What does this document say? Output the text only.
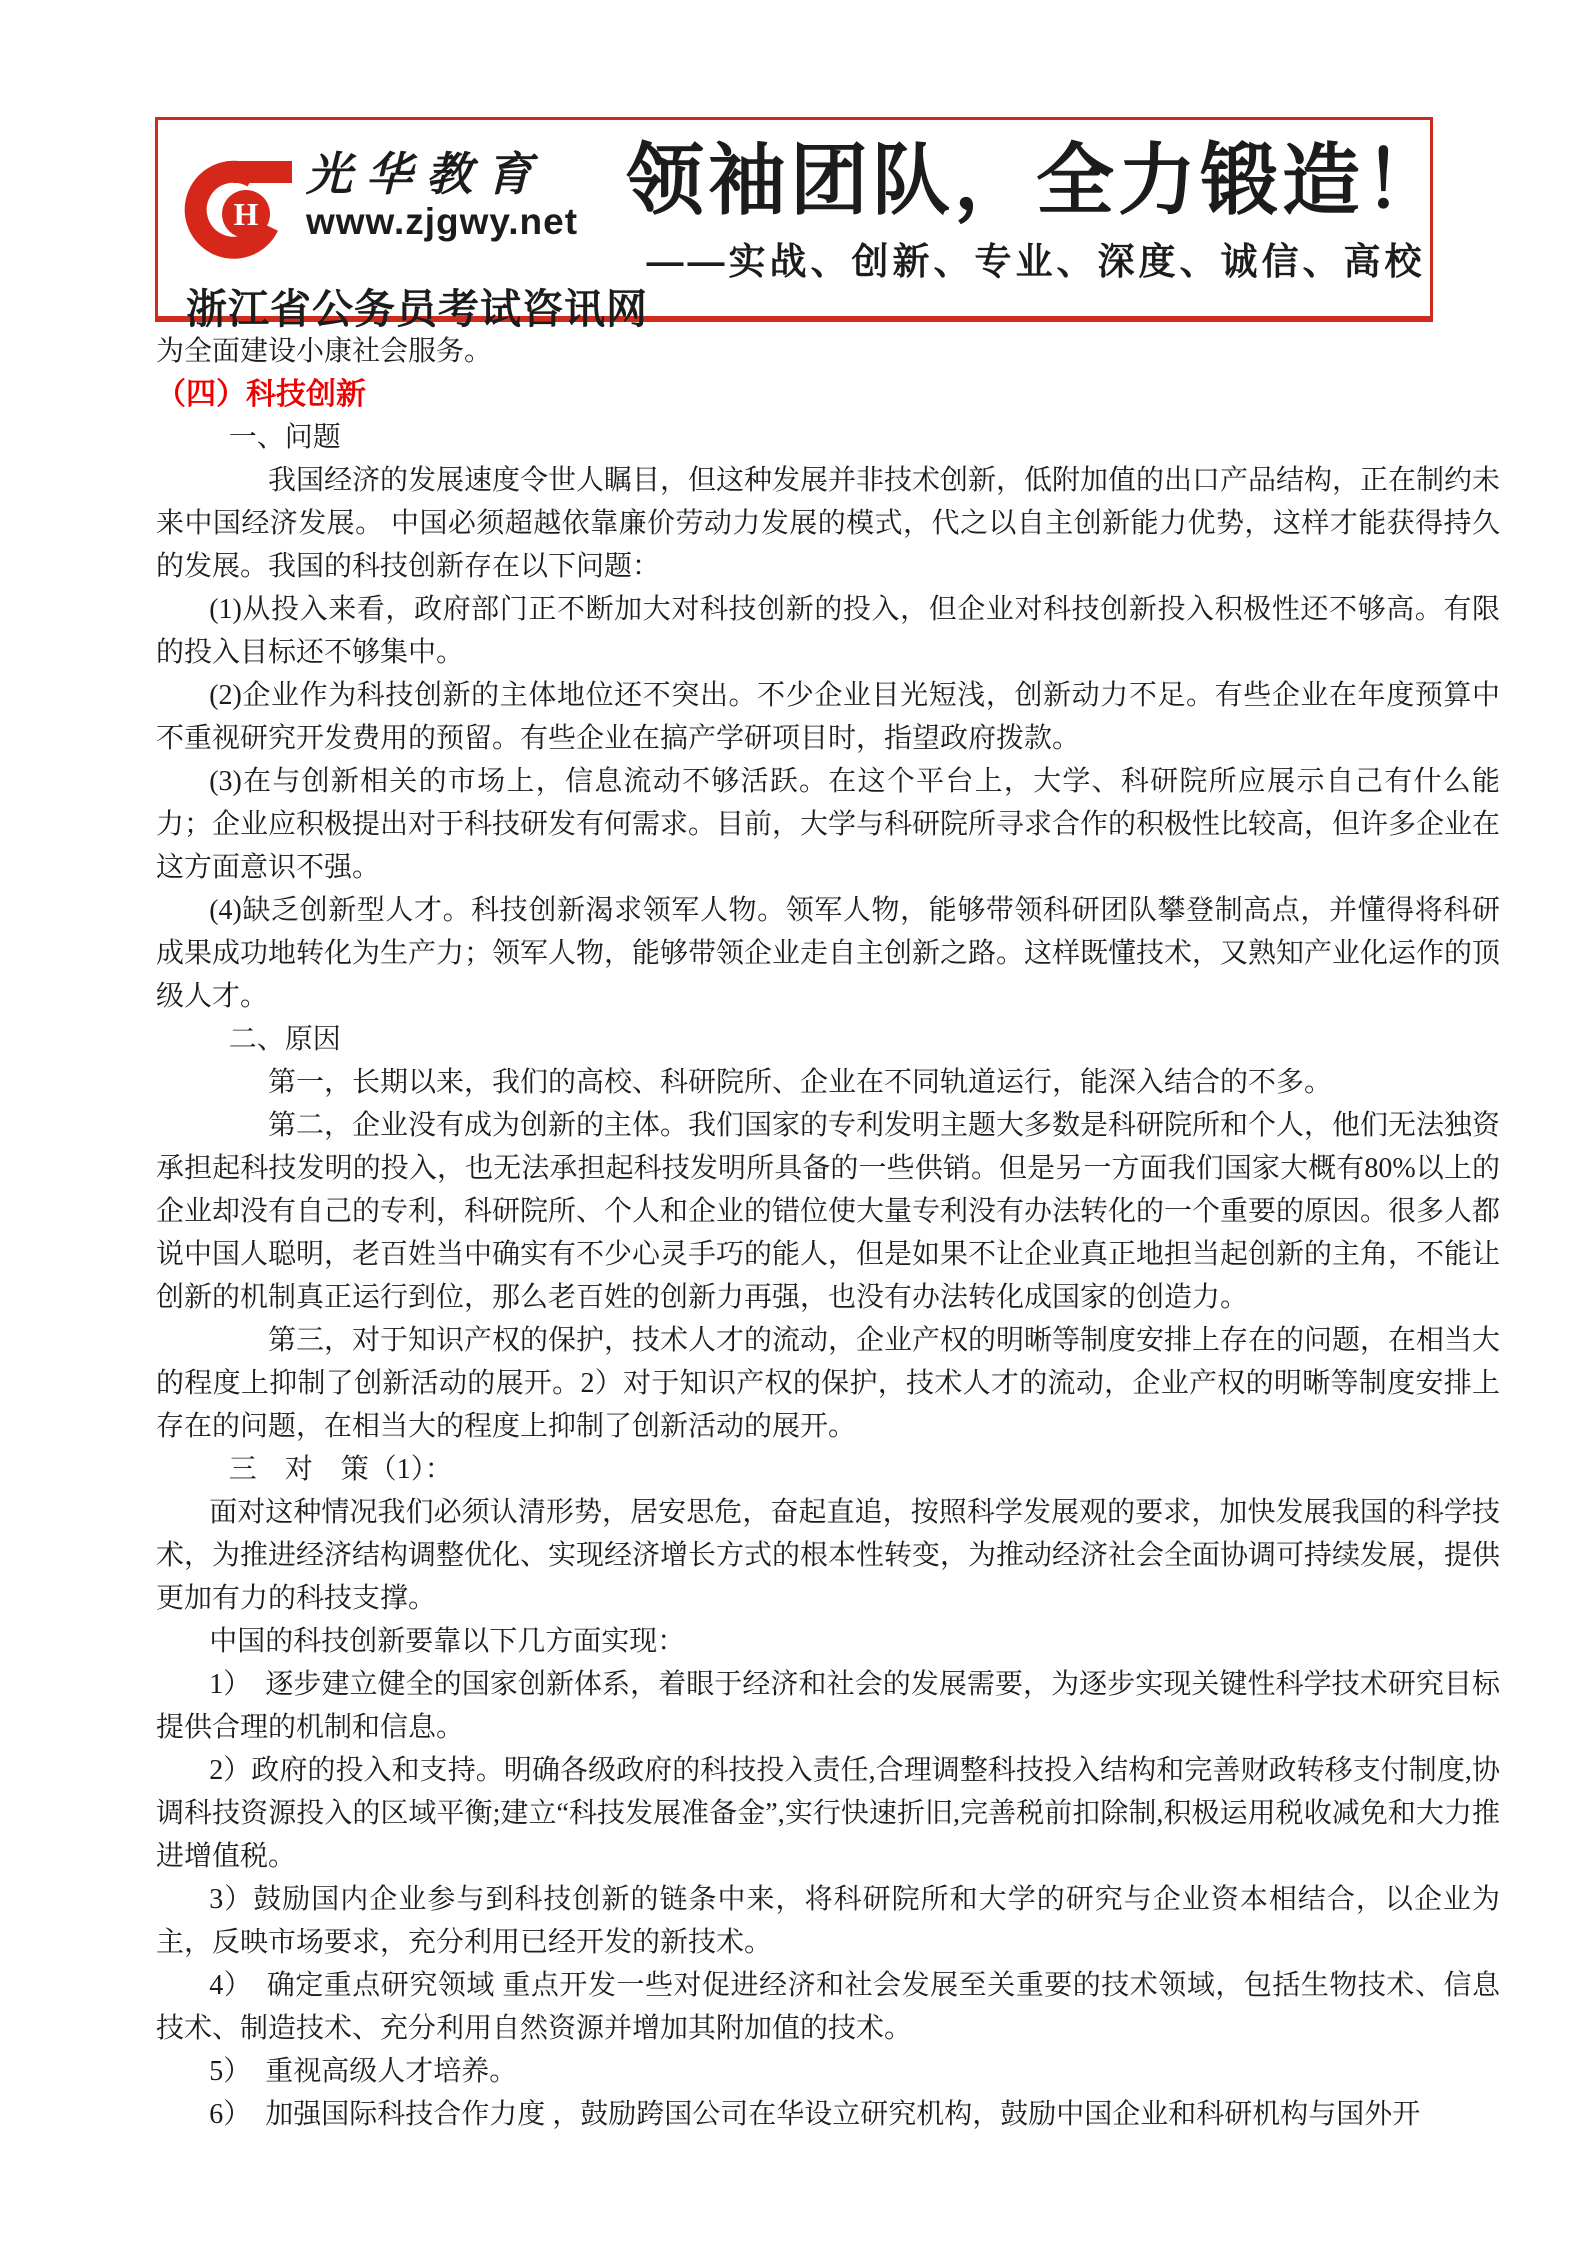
H
光华教育
www.zjgwy.net
浙江省公务员考试咨讯网
领袖团队，全力锻造！
——实战、创新、专业、深度、诚信、高校

为全面建设小康社会服务。

（四）科技创新

一、问题

我国经济的发展速度令世人瞩目，但这种发展并非技术创新，低附加值的出口产品结构，正在制约未来中国经济发展。 中国必须超越依靠廉价劳动力发展的模式，代之以自主创新能力优势，这样才能获得持久的发展。我国的科技创新存在以下问题：

(1)从投入来看，政府部门正不断加大对科技创新的投入，但企业对科技创新投入积极性还不够高。有限的投入目标还不够集中。

(2)企业作为科技创新的主体地位还不突出。不少企业目光短浅，创新动力不足。有些企业在年度预算中不重视研究开发费用的预留。有些企业在搞产学研项目时，指望政府拨款。

(3)在与创新相关的市场上，信息流动不够活跃。在这个平台上，大学、科研院所应展示自己有什么能力；企业应积极提出对于科技研发有何需求。目前，大学与科研院所寻求合作的积极性比较高，但许多企业在这方面意识不强。

(4)缺乏创新型人才。科技创新渴求领军人物。领军人物，能够带领科研团队攀登制高点，并懂得将科研成果成功地转化为生产力；领军人物，能够带领企业走自主创新之路。这样既懂技术，又熟知产业化运作的顶级人才。

二、原因

第一，长期以来，我们的高校、科研院所、企业在不同轨道运行，能深入结合的不多。

第二，企业没有成为创新的主体。我们国家的专利发明主题大多数是科研院所和个人，他们无法独资承担起科技发明的投入，也无法承担起科技发明所具备的一些供销。但是另一方面我们国家大概有80%以上的企业却没有自己的专利，科研院所、个人和企业的错位使大量专利没有办法转化的一个重要的原因。很多人都说中国人聪明，老百姓当中确实有不少心灵手巧的能人，但是如果不让企业真正地担当起创新的主角，不能让创新的机制真正运行到位，那么老百姓的创新力再强，也没有办法转化成国家的创造力。

第三，对于知识产权的保护，技术人才的流动，企业产权的明晰等制度安排上存在的问题，在相当大的程度上抑制了创新活动的展开。2）对于知识产权的保护，技术人才的流动，企业产权的明晰等制度安排上存在的问题，在相当大的程度上抑制了创新活动的展开。

三　对　策（1）：

面对这种情况我们必须认清形势，居安思危，奋起直追，按照科学发展观的要求，加快发展我国的科学技术，为推进经济结构调整优化、实现经济增长方式的根本性转变，为推动经济社会全面协调可持续发展，提供更加有力的科技支撑。

中国的科技创新要靠以下几方面实现：

1）　逐步建立健全的国家创新体系，着眼于经济和社会的发展需要，为逐步实现关键性科学技术研究目标提供合理的机制和信息。

2）政府的投入和支持。明确各级政府的科技投入责任,合理调整科技投入结构和完善财政转移支付制度,协调科技资源投入的区域平衡;建立“科技发展准备金”,实行快速折旧,完善税前扣除制,积极运用税收减免和大力推进增值税。

3）鼓励国内企业参与到科技创新的链条中来，将科研院所和大学的研究与企业资本相结合，以企业为主，反映市场要求，充分利用已经开发的新技术。

4）　确定重点研究领域 重点开发一些对促进经济和社会发展至关重要的技术领域，包括生物技术、信息技术、制造技术、充分利用自然资源并增加其附加值的技术。

5）　重视高级人才培养。

6）　加强国际科技合作力度 ，鼓励跨国公司在华设立研究机构，鼓励中国企业和科研机构与国外开
